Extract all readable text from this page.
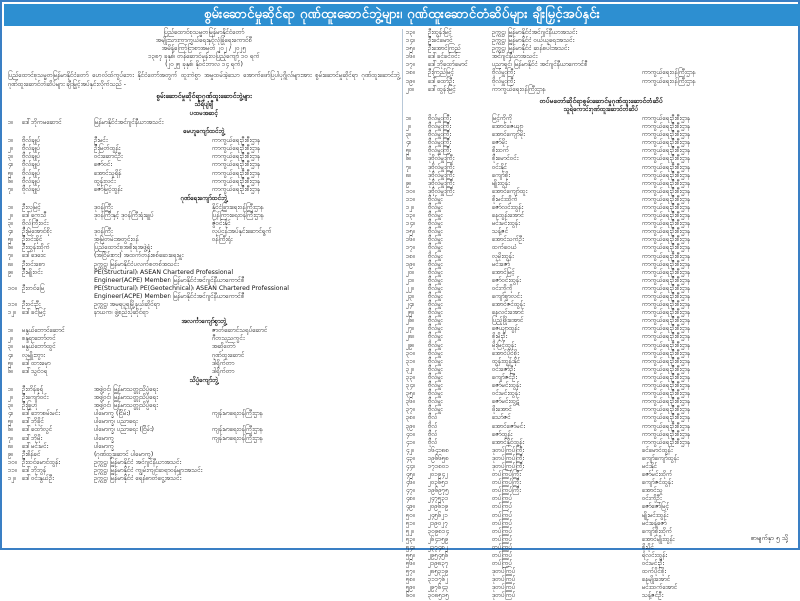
စွမ်းဆောင်မှုဆိုင်ရာ ဂုဏ်ထူးဆောင်ဘွဲ့များ၊ ဂုဏ်ထူးဆောင်တံဆိပ်များ ချီးမြှင့်အပ်နှင်း
ပြည်ထောင်စုသမ္မတမြန်မာနိုင်ငံတော်
အမျိုးသားကာကွယ်ရေးနှင့်လုံခြုံရေးကောင်စီ
အမိန့်ကြော်ငြာစာအမှတ် ၂၀၂ / ၂၀၂၅
၁၃၈၇ ခုနှစ်၊ တန်ဆောင်မုန်းလပြည့်ကျော် ၁၀ ရက်
(၂၀၂၅ ခုနှစ်၊ နိုဝင်ဘာလ ၁၄ ရက်)
ပြည်ထောင်စုသမ္မတမြန်မာနိုင်ငံတော် ဟေလ်ထ်ကွပ်ဘေး နိုင်ငံတော်အတွက် ထူးကဲစွာ အမှုထမ်းခဲ့သော အောက်ဖော်ပြပါပုဂ္ဂိုလ်များအား စွမ်းဆောင်မှုဆိုင်ရာ ဂုဏ်ထူးဆောင်ဘွဲ့ဂုဏ်ထူးဆောင်တံဆိပ်များ ချီးမြှင့်အပ်နှင်းလိုက်သည် -
စွမ်းဆောင်မှုဆိုင်ရာဂုဏ်ထူးဆောင်ဘွဲ့များ
သီရိပျံချီ
ပထမအဆင့်
၁။	ဒေါ်ဘိုကမဆောင်	မြန်မာနိုင်ငံအင်ဂျင်နီယာအသင်း
မေဟူကျော်ထင်ဘွဲ့
၁။	ဗိုလ်ချုပ်	ဦးမင်း	ကာကွယ်ရေးဦးစီးဌာန
၂။	ဗိုလ်ချုပ်	ဦးမြတ်ထွန်း	ကာကွယ်ရေးဦးစီးဌာန
၃။	ဗိုလ်ချုပ်	ဝင်းဆောင်ဦး	ကာကွယ်ရေးဦးစီးဌာန
၄။	ဗိုလ်ချုပ်	ဇော်ဝင်း	ကာကွယ်ရေးဦးစီးဌာန
၅။	ဗိုလ်ချုပ်	အောင်သူရိန်	ကာကွယ်ရေးဦးစီးဌာန
၆။	ဗိုလ်ချုပ်	ထွန်းလင်း	ကာကွယ်ရေးဦးစီးဌာန
၇။	ဗိုလ်ချုပ်	ဇော်မြင့်ထွန်း	ကာကွယ်ရေးဦးစီးဌာန
ဂုဏ်ရေးကျော်ထင်ဘွဲ့
၁။	ဦးလှမြင့်	ဒုဝန်ကြီး	နိုင်ငံခြားရေးဝန်ကြီးဌာန
၂။	ဒေါ်ကေသီ	ဒုဝန်ကြီးနှင့် ဒုဝန်ကြီးရုံးချုပ်	ပြန်ကြားရေးဝန်ကြီးဌာန
၃။	ဗိုလ်ကြီးဝင်း	ဇွဲဝင်းနိုင်
၄။	ဦးမြဲအောင်စိုး	ဒုဝန်ကြီး	လုပ်ငန်းအပ်နှင်းဆောင်ရွက်
၅။	ဦးဝင်းခိုင်	အမြဲတမ်းအတွင်းဝန်	ဝန်ကြီးရုံး
၆။	ဦးထွန်းထိုက်	ပြည်ထောင်စုအစိုးရအဖွဲ့ရုံး
၇။	ဒေါ်ဒေဒေး	(အငြိမ်းစား) အထက်တန်းစစ်ဆေးရေးမှူး
၈။	ဦးဝင်းစော	ဥက္ကဋ္ဌ၊ မြန်မာနိုင်ငံပလက်စတစ်အသင်း
၉။	ဦးမျိုးဝင်း	PE(Structural)၊ ASEAN Chartered Professional
Engineer(ACPE) Member၊ မြန်မာနိုင်ငံအင်ဂျင်နီယာကောင်စီ
၁၀။ ဦးတင်မြေ	PE(Structural)၊ PE(Geotechnical)၊ ASEAN Chartered Professional
Engineer(ACPE) Member၊ မြန်မာနိုင်ငံအင်ဂျင်နီယာကောင်စီ
၁၁။ ဦးဝင်းဦး	ဥက္ကဋ္ဌ၊ အမရပူရမြို့နယ်ဆိုင်ရာ
၁၂။ ဒေါ်ခင်မြင့်	နာယက၊ ဖွဲ့စည်းပုံဆိုင်ရာ
အလင်္ကာကျော်စွာဘွဲ့
၁။	မနွယ်ဘောင်ဆောင်	ဇာတ်ဆောင်သရုပ်ဆောင်
၂။	စန္ဒရာဘော်တင်	ဂီတသုညကွင်း
၃။	မနွယ်ဘော်ထွင်	အဆိုတော်
၄။	လှမျိုးဘွား	ဂုဏ်ထူးဆောင်
၅။	ဒေါ်ထားမှော	ဒါရိုက်တာ
၆။	ဒေါ်သွင်ဝရ	ဒါရိုက်တာ
သိပ္ပံကျော်ဘွဲ့
၁။	ဦးတိန်ခုရ်	အဖွဲ့ဝင်၊ မြန်မာသတ္တုသိပ္ပံရေး
၂။	ဦးကျော်ဝင်း	အဖွဲ့ဝင်၊ မြန်မာသတ္တုသိပ္ပံရေး
၃။	ဦးခြုဟုံ	အဖွဲ့ဝင်၊ မြန်မာသတ္တုသိပ္ပံရေး
၄။	ဒေါ်ဘောစမ်းမင်း	ပါမောက္ခ (ငြိမ်း)	ကျန်းမာရေးဝန်ကြီးဌာန
၅။	ဒေါ်ဘိုခိုင်	ပါမောက္ခ၊ ပညာရေး
၆။	ဒေါ်ထော်လွင်	ပါမောက္ခ၊ ပညာရေး (ငြိမ်း)	ကျန်းမာရေးဝန်ကြီးဌာန
၇။	ဒေါ်ဘိုမိုး	ပါမောက္ခ	ကျန်းမာရေးဝန်ကြီးဌာန
၈။	ဒေါ်မင်းမင်း	ပါမောက္ခ
၉။	ဦးစိန်ခင်	(ဂုဏ်ထူးဆောင် ပါမောက္ခ)
၁၀။ ဦးထင်မောင်ထွန်း	ဥက္ကဋ္ဌ၊ မြန်မာနိုင်ငံ အင်ဂျင်နီယာအသင်း
၁၁။ ဒေါ်ဘိုဘွန်	ဥက္ကဋ္ဌ၊ မြန်မာနိုင်ငံ ကျွမ်းကျင်ဆရာဝန်များအသင်း
၁၂။ ဒေါ်ဝင်းနွယ်ဦး	ဥက္ကဋ္ဌ၊ မြန်မာနိုင်ငံ ရေနံဓာတ်ငွေ့အသင်း
၁၃။	ဦးထွန်းမြင့်	ဥက္ကဋ္ဌ၊ မြန်မာနိုင်ငံအင်ဂျင်နီယာအသင်း
၁၄။	ဦးခင်မောင်	ဥက္ကဋ္ဌ၊ မြန်မာနိုင်ငံ ဝယ်ယူရေးအသင်း
၁၅။	ဦးအောင်ကြည်	ဥက္ကဋ္ဌ၊ မြန်မာနိုင်ငံ ဆန်စပါးအသင်း
၁၆။	ဒေါ်ခင်ခင်ဝင်း	အင်ဂျင်နီယာအသင်း
၁၇။	ဒေါ်ဘိုထော်မောင်	ပညာရှင်၊ မြန်မာနိုင်ငံ အင်ဂျင်နီယာကောင်စီ
၁၈။	ဦးကြည်မြင့်	ဗိုလ်မှူးကြီး	ကာကွယ်ရေးဝန်ကြီးဌာန
၁၉။	ဒေါ်ထော်ဦး	ဗိုလ်မှူးကြီး	ကာကွယ်ရေးဝန်ကြီးဌာန
၂၀။	ဒေါ်ထွန်းမြင့်	ကာကွယ်ရေးဝန်ကြီးဌာန
တပ်မတော်ဆိုင်ရာစွမ်းဆောင်မှုဂုဏ်ထူးဆောင်တံဆိပ်
သူရဲကောင်းဂုဏ်ထူးဆောင်တံဆိပ်
၁။	ဗိုလ်မှူးကြီး	မြင့်ကိုကို	ကာကွယ်ရေးဦးစီးဌာန
၂။	ဗိုလ်မှူးကြီး	အောင်ဇေယျာ	ကာကွယ်ရေးဦးစီးဌာန
၃။	ဗိုလ်မှူးကြီး	အောင်ကျော်မိုး	ကာကွယ်ရေးဦးစီးဌာန
၄။	ဗိုလ်မှူးကြီး	ဇော်မိုး	ကာကွယ်ရေးဦးစီးဌာန
၅။	ဗိုလ်မှူးကြီး	စိုးထက်	ကာကွယ်ရေးဦးစီးဌာန
၆။	ဒုဗိုလ်မှူးကြီး	စိုးမောင်ဝင်း	ကာကွယ်ရေးဦးစီးဌာန
၇။	ဒုဗိုလ်မှူးကြီး	ဝင်းနိုင်	ကာကွယ်ရေးဦးစီးဌာန
၈။	ဒုဗိုလ်မှူးကြီး	ကျော်စိုး	ကာကွယ်ရေးဦးစီးဌာန
၉။	ဒုဗိုလ်မှူးကြီး	မျိုးထွန်း	ကာကွယ်ရေးဦးစီးဌာန
၁၀။	ဒုဗိုလ်မှူးကြီး	အောင်ကျော်ထူး	ကာကွယ်ရေးဦးစီးဌာန
၁၁။	ဗိုလ်မှူး	စိုးမင်းထိုက်	ကာကွယ်ရေးဦးစီးဌာန
၁၂။	ဗိုလ်မှူး	ဇော်လင်းထွန်း	ကာကွယ်ရေးဦးစီးဌာန
၁၃။	ဗိုလ်မှူး	နေထွန်းအောင်	ကာကွယ်ရေးဦးစီးဌာန
၁၄။	ဗိုလ်မှူး	မင်းမင်းထွန်း	ကာကွယ်ရေးဦးစီးဌာန
၁၅။	ဗိုလ်မှူး	သန့်ဇင်	ကာကွယ်ရေးဦးစီးဌာန
၁၆။	ဗိုလ်မှူး	အောင်သက်ဦး	ကာကွယ်ရေးဦးစီးဌာန
၁၇။	ဗိုလ်မှူး	ထက်ဝေယံ	ကာကွယ်ရေးဦးစီးဌာန
၁၈။	ဗိုလ်မှူး	လှမိုးထွန်း	ကာကွယ်ရေးဦးစီးဌာန
၁၉။	ဗိုလ်မှူး	မင်းဇော်	ကာကွယ်ရေးဦးစီးဌာန
၂၀။	ဗိုလ်မှူး	အောင်မြင့်	ကာကွယ်ရေးဦးစီးဌာန
၂၁။	ဗိုလ်မှူး	ဇော်ဝင်းထွန်း	ကာကွယ်ရေးဦးစီးဌာန
၂၂။	ဗိုလ်မှူး	ဝင်းကိုကို	ကာကွယ်ရေးဦးစီးဌာန
၂၃။	ဗိုလ်မှူး	ကျော်စွာလင်း	ကာကွယ်ရေးဦးစီးဌာန
၂၄။	ဗိုလ်မှူး	အောင်ဇင်ထွန်း	ကာကွယ်ရေးဦးစီးဌာန
၂၅။	ဗိုလ်မှူး	နေလင်းအောင်	ကာကွယ်ရေးဦးစီးဌာန
၂၆။	ဗိုလ်မှူး	ပြည့်ဖြိုးအောင်	ကာကွယ်ရေးဦးစီးဌာန
၂၇။	ဗိုလ်မှူး	ဇေယျာထွန်း	ကာကွယ်ရေးဦးစီးဌာန
၂၈။	ဗိုလ်မှူး	စိုးမိုးဦး	ကာကွယ်ရေးဦးစီးဌာန
၂၉။	ဗိုလ်မှူး	မိုးမြင့်ထွန်း	ကာကွယ်ရေးဦးစီးဌာန
၃၀။	ဗိုလ်မှူး	အောင်ပိုင်စိုး	ကာကွယ်ရေးဦးစီးဌာန
၃၁။	ဗိုလ်မှူး	ထွန်းထွန်းနိုင်	ကာကွယ်ရေးဦးစီးဌာန
၃၂။	ဗိုလ်မှူး	ဝင်းဇော်ဦး	ကာကွယ်ရေးဦးစီးဌာန
၃၃။	ဗိုလ်မှူး	ကျော်ဇင်ဦး	ကာကွယ်ရေးဦးစီးဌာန
၃၄။	ဗိုလ်မှူး	ဇော်မင်းထွန်း	ကာကွယ်ရေးဦးစီးဌာန
၃၅။	ဗိုလ်မှူး	ဝင်းမင်းထွန်း	ကာကွယ်ရေးဦးစီးဌာန
၃၆။	ဗိုလ်မှူး	ဇော်မင်းထွဋ်	ကာကွယ်ရေးဦးစီးဌာန
၃၇။	ဗိုလ်မှူး	ဖိုးအောင်	ကာကွယ်ရေးဦးစီးဌာန
၃၈။	ဗိုလ်	သော်ဇင်	ကာကွယ်ရေးဦးစီးဌာန
၃၉။	ဗိုလ်	အောင်ဇော်မင်း	ကာကွယ်ရေးဦးစီးဌာန
၄၀။	ဗိုလ်	ဇော်ထွန်း	ကာကွယ်ရေးဦးစီးဌာန
၄၁။	ဗိုလ်	အောင်နိုင်ထွန်း	ကာကွယ်ရေးဦးစီးဌာန
၄၂။	၁၆၄၁၈၈	ဒုတပ်ကြပ်ကြီး	ခင်မောင်ထွန်း
၄၃။	၁၉၆၆၅၈	ဒုတပ်ကြပ်ကြီး	ကျော်ကျော်ထွန်း
၄၄။	၁၇၁၈၀၁	ဒုတပ်ကြပ်ကြီး	မင်းနိုင်
၄၅။	၂၀၁၉၄၂	တပ်ကြပ်ကြီး	ဇော်မင်းထိုက်
၄၆။	၂၀၃၆၅၁	တပ်ကြပ်ကြီး	ကျော်ဇင်ထွန်း
၄၇။	၁၉၆၉၇၅	တပ်ကြပ်ကြီး	အောင်သူ
၄၈။	၂၄၇၅၃၁	တပ်ကြပ်	ဝင်းကိုဦး
၄၉။	၂၀၉၆၁၉	တပ်ကြပ်	ဇော်ဇော်မြင့်
၅၀။	၂၄၅၆၂၁	တပ်ကြပ်	မျိုးမင်းထွန်း
၅၁။	၂၁၉၀၂၇	တပ်ကြပ်	မင်းခန့်ဇော်
၅၂။	၃၀၉၈၁၄	တပ်ကြပ်	ကျော်စိုးထိုက်
၅၃။	၂၆၄၁၅၉	တပ်ကြပ်	အောင်မျိုးထွန်း
၅၄။	၂၃၇၄၈၂	တပ်ကြပ်	စိုးပိုင်
၅၅။	၂၉၅၄၅၆	တပ်ကြပ်	ရဲလင်းထွန်း
၅၆။	၂၁၉၈၃၇	တပ်ကြပ်	ဝင်းမင်းဦး
၅၇။	၂၈၅၃၁၉	ဒုတပ်ကြပ်	ထက်ပိုင်စိုး
၅၈။	၃၁၁၇၆၂	ဒုတပ်ကြပ်	နေမျိုးအောင်
၅၉။	၂၉၇၆၄၃	ဒုတပ်ကြပ်	မင်းထက်အောင်
၆၀။	၃၀၈၅၁၅	ဒုတပ်ကြပ်	သန့်ဇင်ဦး
စာမျက်နှာ ၅ သို့
